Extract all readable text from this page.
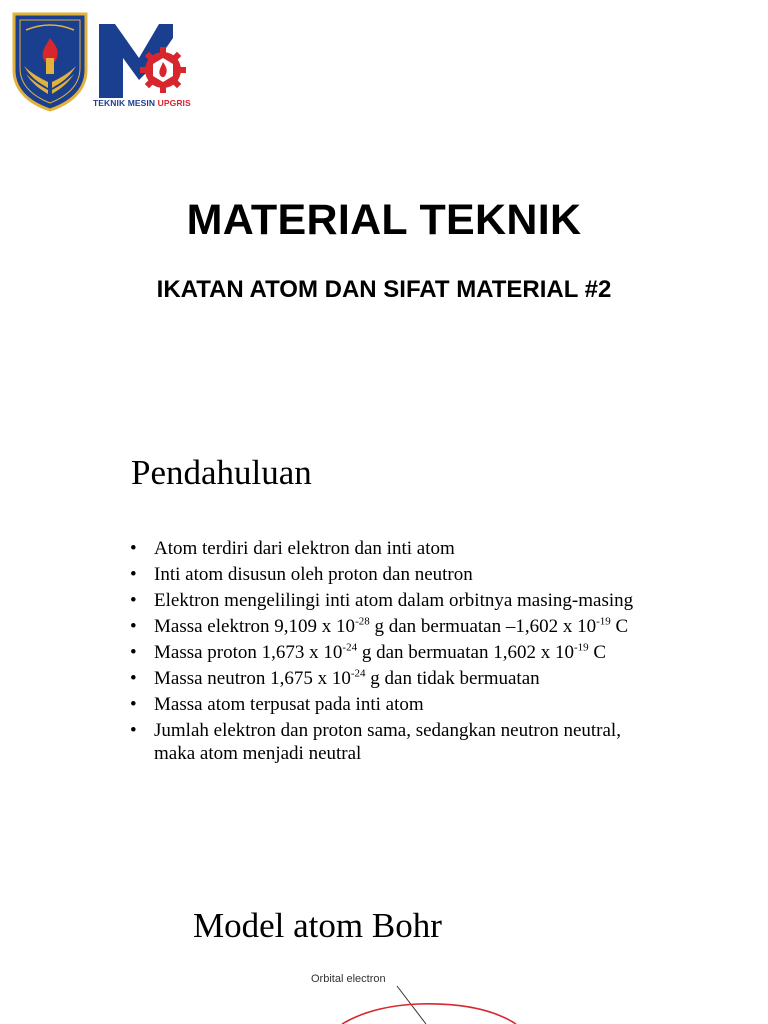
TEKNIK MESIN UPGRIS
MATERIAL TEKNIK
IKATAN ATOM DAN SIFAT MATERIAL #2
Pendahuluan
• Atom terdiri dari elektron dan inti atom
• Inti atom disusun oleh proton dan neutron
• Elektron mengelilingi inti atom dalam orbitnya masing-masing
• Massa elektron 9,109 x $10^{-28}$ g dan bermuatan –1,602 x $10^{-19}$ C
• Massa proton 1,673 x $10^{-24}$ g dan bermuatan 1,602 x $10^{-19}$ C
• Massa neutron 1,675 x $10^{-24}$ g dan tidak bermuatan
• Massa atom terpusat pada inti atom
• Jumlah elektron dan proton sama, sedangkan neutron neutral, maka atom menjadi neutral
Model atom Bohr
Orbital electron
